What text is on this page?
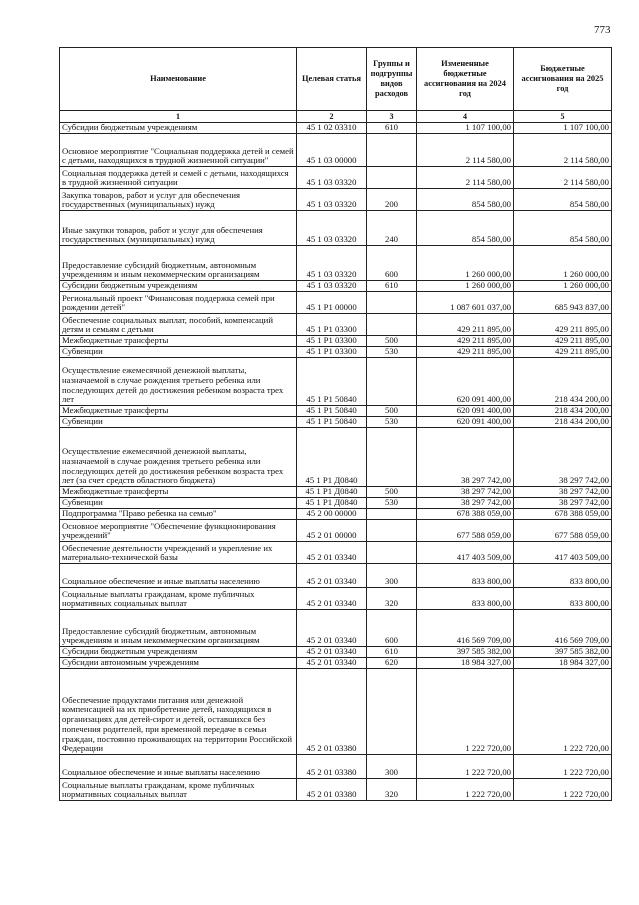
773
Наименование	Целевая статья	Группы и подгруппы видов расходов	Измененные бюджетные ассигнования на 2024 год	Бюджетные ассигнования на 2025 год
1	2	3	4	5
Субсидии бюджетным учреждениям	45 1 02 03310	610	1 107 100,00	1 107 100,00
Основное мероприятие "Социальная поддержка детей и семей с детьми, находящихся в трудной жизненной ситуации"	45 1 03 00000		2 114 580,00	2 114 580,00
Социальная поддержка детей и семей с детьми, находящихся в трудной жизненной ситуации	45 1 03 03320		2 114 580,00	2 114 580,00
Закупка товаров, работ и услуг для обеспечения государственных (муниципальных) нужд	45 1 03 03320	200	854 580,00	854 580,00
Иные закупки товаров, работ и услуг для обеспечения государственных (муниципальных) нужд	45 1 03 03320	240	854 580,00	854 580,00
Предоставление субсидий бюджетным, автономным учреждениям и иным некоммерческим организациям	45 1 03 03320	600	1 260 000,00	1 260 000,00
Субсидии бюджетным учреждениям	45 1 03 03320	610	1 260 000,00	1 260 000,00
Региональный проект "Финансовая поддержка семей при рождении детей"	45 1 P1 00000		1 087 601 037,00	685 943 837,00
Обеспечение социальных выплат, пособий, компенсаций детям и семьям с детьми	45 1 P1 03300		429 211 895,00	429 211 895,00
Межбюджетные трансферты	45 1 P1 03300	500	429 211 895,00	429 211 895,00
Субвенции	45 1 P1 03300	530	429 211 895,00	429 211 895,00
Осуществление ежемесячной денежной выплаты, назначаемой в случае рождения третьего ребенка или последующих детей до достижения ребенком возраста трех лет	45 1 P1 50840		620 091 400,00	218 434 200,00
Межбюджетные трансферты	45 1 P1 50840	500	620 091 400,00	218 434 200,00
Субвенции	45 1 P1 50840	530	620 091 400,00	218 434 200,00
Осуществление ежемесячной денежной выплаты, назначаемой в случае рождения третьего ребенка или последующих детей до достижения ребенком возраста трех лет (за счет средств областного бюджета)	45 1 P1 Д0840		38 297 742,00	38 297 742,00
Межбюджетные трансферты	45 1 P1 Д0840	500	38 297 742,00	38 297 742,00
Субвенции	45 1 P1 Д0840	530	38 297 742,00	38 297 742,00
Подпрограмма "Право ребенка на семью"	45 2 00 00000		678 388 059,00	678 388 059,00
Основное мероприятие "Обеспечение функционирования учреждений"	45 2 01 00000		677 588 059,00	677 588 059,00
Обеспечение деятельности учреждений и укрепление их материально-технической базы	45 2 01 03340		417 403 509,00	417 403 509,00
Социальное обеспечение и иные выплаты населению	45 2 01 03340	300	833 800,00	833 800,00
Социальные выплаты гражданам, кроме публичных нормативных социальных выплат	45 2 01 03340	320	833 800,00	833 800,00
Предоставление субсидий бюджетным, автономным учреждениям и иным некоммерческим организациям	45 2 01 03340	600	416 569 709,00	416 569 709,00
Субсидии бюджетным учреждениям	45 2 01 03340	610	397 585 382,00	397 585 382,00
Субсидии автономным учреждениям	45 2 01 03340	620	18 984 327,00	18 984 327,00
Обеспечение продуктами питания или денежной компенсацией на их приобретение детей, находящихся в организациях для детей-сирот и детей, оставшихся без попечения родителей, при временной передаче в семьи граждан, постоянно проживающих на территории Российской Федерации	45 2 01 03380		1 222 720,00	1 222 720,00
Социальное обеспечение и иные выплаты населению	45 2 01 03380	300	1 222 720,00	1 222 720,00
Социальные выплаты гражданам, кроме публичных нормативных социальных выплат	45 2 01 03380	320	1 222 720,00	1 222 720,00
